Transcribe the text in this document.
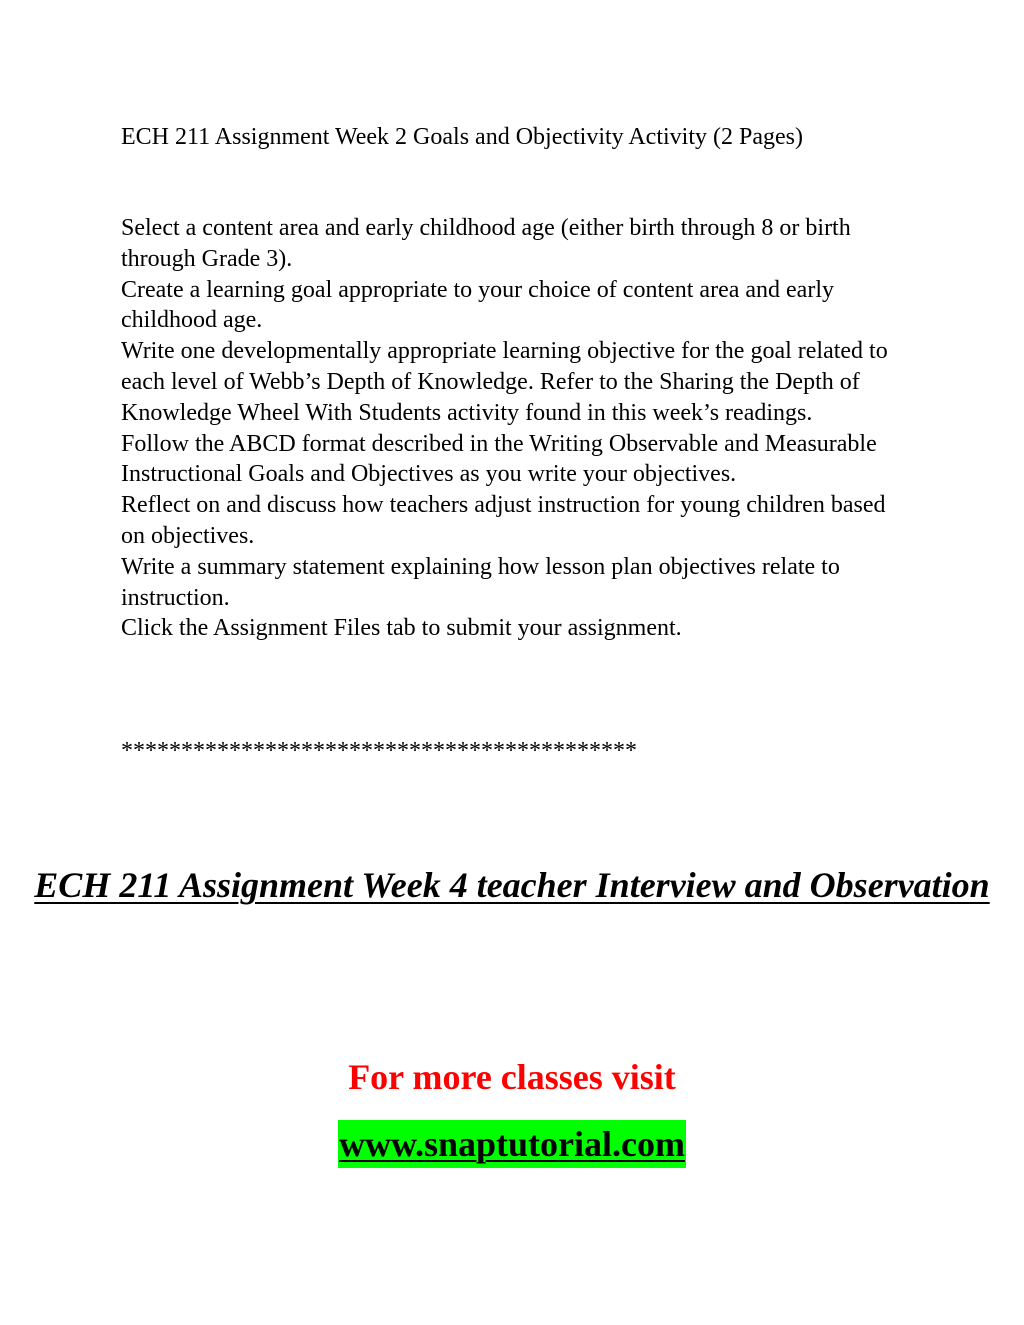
ECH 211 Assignment Week 2 Goals and Objectivity Activity (2 Pages)

Select a content area and early childhood age (either birth through 8 or birth through Grade 3).

Create a learning goal appropriate to your choice of content area and early childhood age.

Write one developmentally appropriate learning objective for the goal related to each level of Webb’s Depth of Knowledge. Refer to the Sharing the Depth of Knowledge Wheel With Students activity found in this week’s readings.

Follow the ABCD format described in the Writing Observable and Measurable Instructional Goals and Objectives as you write your objectives.

Reflect on and discuss how teachers adjust instruction for young children based on objectives.

Write a summary statement explaining how lesson plan objectives relate to instruction.

Click the Assignment Files tab to submit your assignment.

*******************************************
ECH 211 Assignment Week 4 teacher Interview and Observation
For more classes visit
www.snaptutorial.com
